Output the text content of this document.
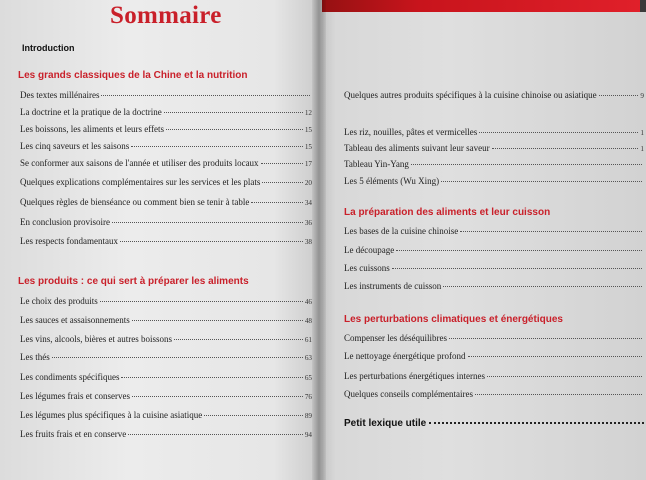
Sommaire
Introduction
Les grands classiques de la Chine et la nutrition
Des textes millénaires
La doctrine et la pratique de la doctrine	12
Les boissons, les aliments et leurs effets	15
Les cinq saveurs et les saisons	15
Se conformer aux saisons de l'année et utiliser des produits locaux	17
Quelques explications complémentaires sur les services et les plats	20
Quelques règles de bienséance ou comment bien se tenir à table	34
En conclusion provisoire	36
Les respects fondamentaux	38
Les produits : ce qui sert à préparer les aliments
Le choix des produits	46
Les sauces et assaisonnements	48
Les vins, alcools, bières et autres boissons	61
Les thés	63
Les condiments spécifiques	65
Les légumes frais et conserves	76
Les légumes plus spécifiques à la cuisine asiatique	89
Les fruits frais et en conserve	94
Quelques autres produits spécifiques à la cuisine chinoise ou asiatique	9
Les riz, nouilles, pâtes et vermicelles	1
Tableau des aliments suivant leur saveur	1
Tableau Yin-Yang
Les 5 éléments (Wu Xing)
La préparation des aliments et leur cuisson
Les bases de la cuisine chinoise
Le découpage
Les cuissons
Les instruments de cuisson
Les perturbations climatiques et énergétiques
Compenser les déséquilibres
Le nettoyage énergétique profond
Les perturbations énergétiques internes
Quelques conseils complémentaires
Petit lexique utile
